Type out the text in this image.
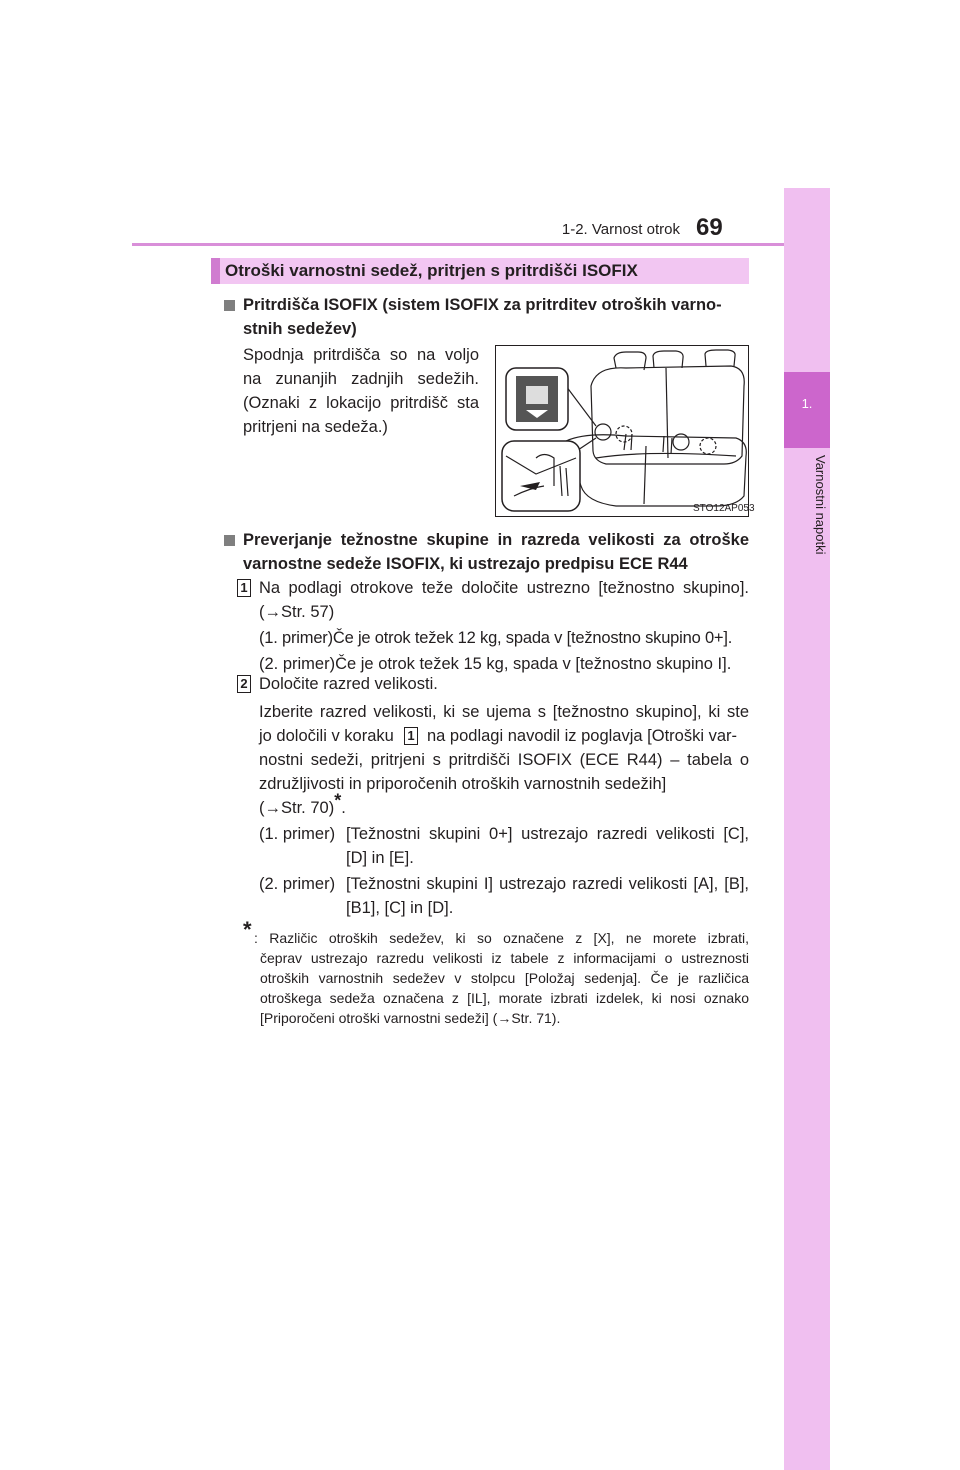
1-2. Varnost otrok 69
1.
Varnostni napotki
Otroški varnostni sedež, pritrjen s pritrdišči ISOFIX
Pritrdišča ISOFIX (sistem ISOFIX za pritrditev otroških varno-
stnih sedežev)
Spodnja pritrdišča so na voljo
na zunanjih zadnjih sedežih.
(Oznaki z lokacijo pritrdišč sta
pritrjeni na sedeža.)
STO12AP053
Preverjanje težnostne skupine in razreda velikosti za otroške
varnostne sedeže ISOFIX, ki ustrezajo predpisu ECE R44
1 Na podlagi otrokove teže določite ustrezno [težnostno skupino].
(→Str. 57)
(1. primer)Če je otrok težek 12 kg, spada v [težnostno skupino 0+].
(2. primer)Če je otrok težek 15 kg, spada v [težnostno skupino I].
2 Določite razred velikosti.
Izberite razred velikosti, ki se ujema s [težnostno skupino], ki ste
jo določili v koraku 1 na podlagi navodil iz poglavja [Otroški var-
nostni sedeži, pritrjeni s pritrdišči ISOFIX (ECE R44) – tabela o
združljivosti in priporočenih otroških varnostnih sedežih]
(→Str. 70)*.
(1. primer) [Težnostni skupini 0+] ustrezajo razredi velikosti [C],
[D] in [E].
(2. primer) [Težnostni skupini I] ustrezajo razredi velikosti [A], [B],
[B1], [C] in [D].
* : Različic otroških sedežev, ki so označene z [X], ne morete izbrati,
čeprav ustrezajo razredu velikosti iz tabele z informacijami o ustreznosti
otroških varnostnih sedežev v stolpcu [Položaj sedenja]. Če je različica
otroškega sedeža označena z [IL], morate izbrati izdelek, ki nosi oznako
[Priporočeni otroški varnostni sedeži] (→Str. 71).
